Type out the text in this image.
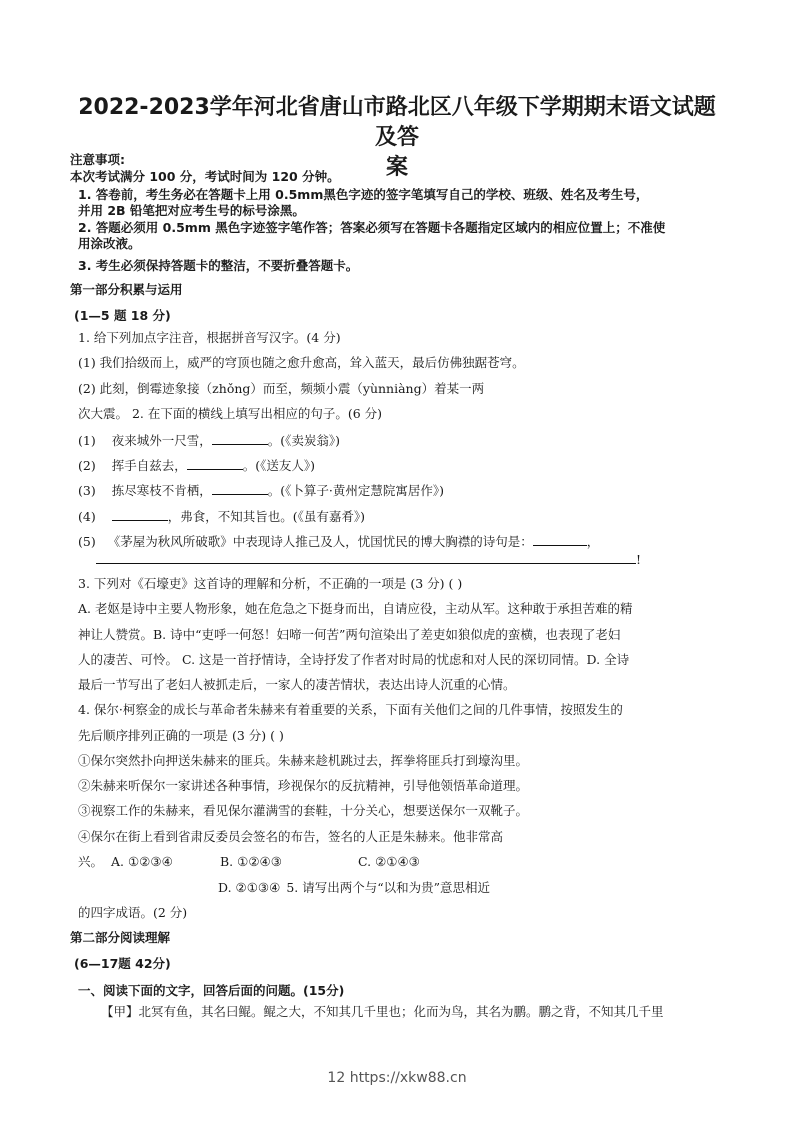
2022-2023学年河北省唐山市路北区八年级下学期期末语文试题及答
案
注意事项:
本次考试满分 100 分，考试时间为 120 分钟。
1. 答卷前，考生务必在答题卡上用 0.5mm黑色字迹的签字笔填写自己的学校、班级、姓名及考生号，
并用 2B 铅笔把对应考生号的标号涂黑。
2. 答题必须用 0.5mm 黑色字迹签字笔作答；答案必须写在答题卡各题指定区域内的相应位置上；不准使
用涂改液。
3. 考生必须保持答题卡的整洁，不要折叠答题卡。
第一部分积累与运用
(1—5 题 18 分)
1. 给下列加点字注音，根据拼音写汉字。(4 分)
(1) 我们拾级而上，威严的穹顶也随之愈升愈高，耸入蓝天，最后仿佛独踞苍穹。
(2) 此刻，倒霉迹象接（zhǒng）而至，频频小震（yùnniàng）着某一两
次大震。 2. 在下面的横线上填写出相应的句子。(6 分)
(1) 夜来城外一尺雪，	。(《卖炭翁》)
(2) 挥手自兹去，	。(《送友人》)
(3) 拣尽寒枝不肯栖，	。(《卜算子·黄州定慧院寓居作》)
(4)	，弗食，不知其旨也。(《虽有嘉肴》)
(5) 《茅屋为秋风所破歌》中表现诗人推己及人，忧国忧民的博大胸襟的诗句是：	，
!
3. 下列对《石壕吏》这首诗的理解和分析，不正确的一项是 (3 分) ( )
A. 老妪是诗中主要人物形象，她在危急之下挺身而出，自请应役，主动从军。这种敢于承担苦难的精
神让人赞赏。B. 诗中“吏呼一何怒！妇啼一何苦”两句渲染出了差吏如狼似虎的蛮横，也表现了老妇
人的凄苦、可怜。 C. 这是一首抒情诗，全诗抒发了作者对时局的忧虑和对人民的深切同情。D. 全诗
最后一节写出了老妇人被抓走后，一家人的凄苦情状，表达出诗人沉重的心情。
4. 保尔·柯察金的成长与革命者朱赫来有着重要的关系，下面有关他们之间的几件事情，按照发生的
先后顺序排列正确的一项是 (3 分) ( )
①保尔突然扑向押送朱赫来的匪兵。朱赫来趁机跳过去，挥拳将匪兵打到壕沟里。
②朱赫来听保尔一家讲述各种事情，珍视保尔的反抗精神，引导他领悟革命道理。
③视察工作的朱赫来，看见保尔灌满雪的套鞋，十分关心，想要送保尔一双靴子。
④保尔在街上看到省肃反委员会签名的布告，签名的人正是朱赫来。他非常高
兴。 A. ①②③④	B. ①②④③	C. ②①④③
D. ②①③④ 5. 请写出两个与“以和为贵”意思相近
的四字成语。(2 分)
第二部分阅读理解
(6—17题 42分)
一、阅读下面的文字，回答后面的问题。(15分)
【甲】北冥有鱼，其名曰鲲。鲲之大，不知其几千里也；化而为鸟，其名为鹏。鹏之背，不知其几千里
12 https://xkw88.cn
